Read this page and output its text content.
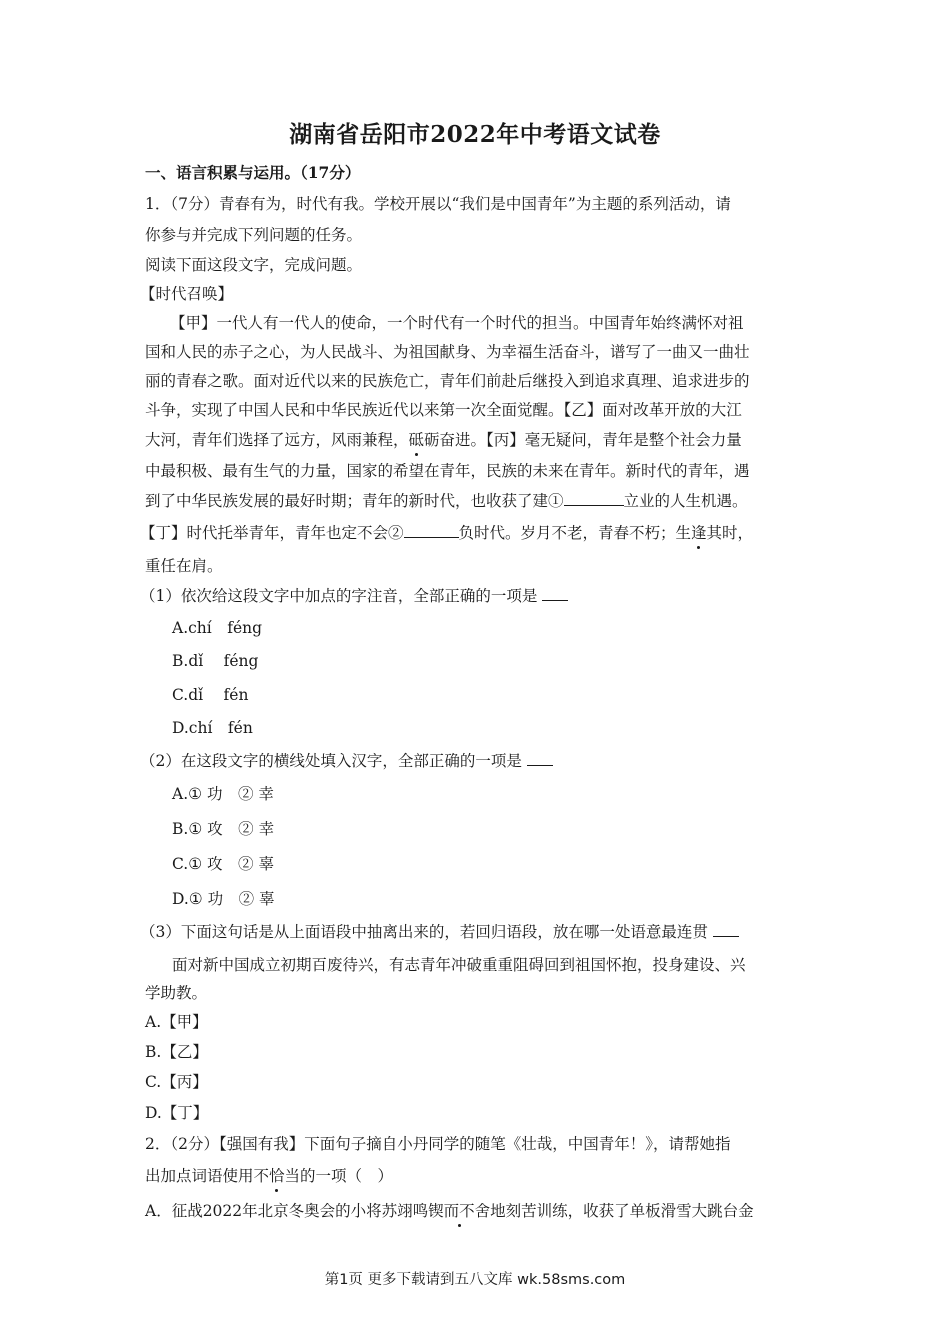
湖南省岳阳市2022年中考语文试卷
一、语言积累与运用。（17分）
1．（7分）青春有为，时代有我。学校开展以“我们是中国青年”为主题的系列活动，请
你参与并完成下列问题的任务。
阅读下面这段文字，完成问题。
【时代召唤】
【甲】一代人有一代人的使命，一个时代有一个时代的担当。中国青年始终满怀对祖
国和人民的赤子之心，为人民战斗、为祖国献身、为幸福生活奋斗，谱写了一曲又一曲壮
丽的青春之歌。面对近代以来的民族危亡，青年们前赴后继投入到追求真理、追求进步的
斗争，实现了中国人民和中华民族近代以来第一次全面觉醒。【乙】面对改革开放的大江
大河，青年们选择了远方，风雨兼程，砥砺奋进。【丙】毫无疑问，青年是整个社会力量
中最积极、最有生气的力量，国家的希望在青年，民族的未来在青年。新时代的青年，遇
到了中华民族发展的最好时期；青年的新时代，也收获了建①	立业的人生机遇。
【丁】时代托举青年，青年也定不会②	负时代。岁月不老，青春不朽；生逢其时，
重任在肩。
（1）依次给这段文字中加点的字注音，全部正确的一项是
A.chí　féng
B.dǐ　 féng
C.dǐ　 fén
D.chí　fén
（2）在这段文字的横线处填入汉字，全部正确的一项是
A.① 功　② 幸
B.① 攻　② 幸
C.① 攻　② 辜
D.① 功　② 辜
（3）下面这句话是从上面语段中抽离出来的，若回归语段，放在哪一处语意最连贯
面对新中国成立初期百废待兴，有志青年冲破重重阻碍回到祖国怀抱，投身建设、兴
学助教。
A.【甲】
B.【乙】
C.【丙】
D.【丁】
2．（2分）【强国有我】下面句子摘自小丹同学的随笔《壮哉，中国青年！》，请帮她指
出加点词语使用不恰当的一项（　）
A．征战2022年北京冬奥会的小将苏翊鸣锲而不舍地刻苦训练，收获了单板滑雪大跳台金
第1页 更多下载请到五八文库 wk.58sms.com
